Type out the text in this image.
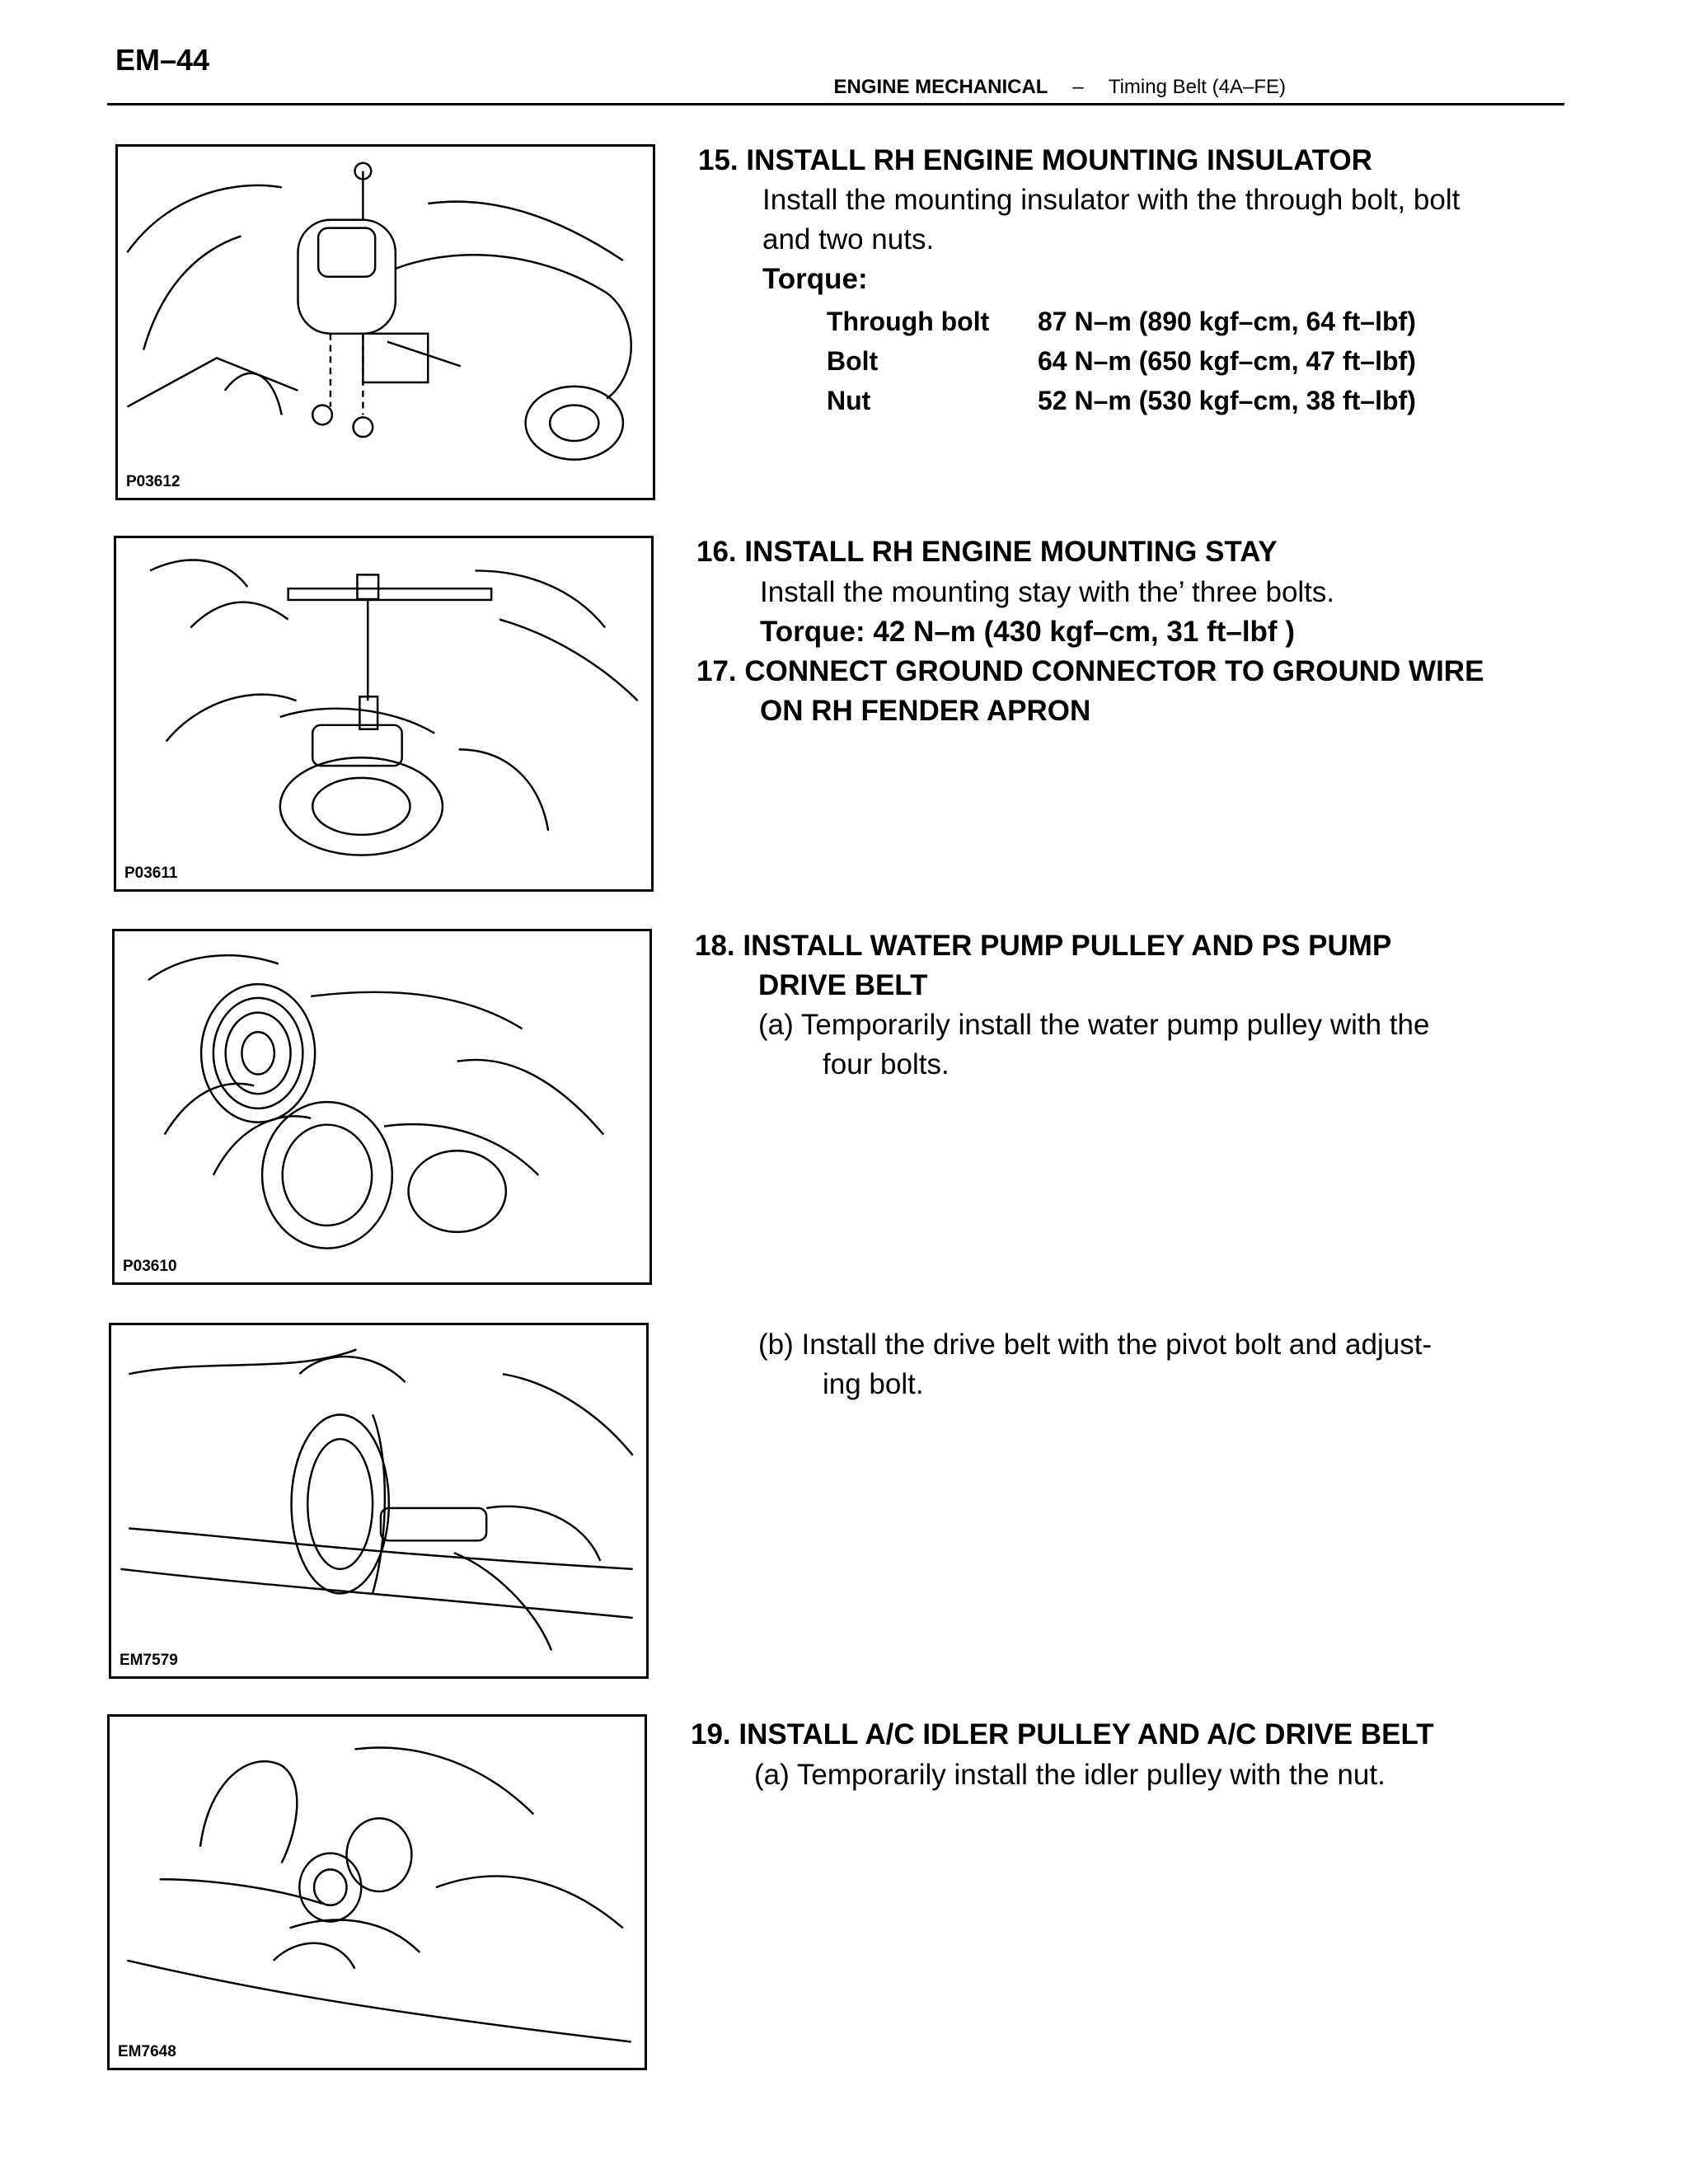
EM–44
ENGINE MECHANICAL – Timing Belt (4A–FE)
P03612
P03611
P03610
EM7579
EM7648
15. INSTALL RH ENGINE MOUNTING INSULATOR
Install the mounting insulator with the through bolt, bolt
and two nuts.
Torque:
Through bolt	87 N–m (890 kgf–cm, 64 ft–lbf)
Bolt	64 N–m (650 kgf–cm, 47 ft–lbf)
Nut	52 N–m (530 kgf–cm, 38 ft–lbf)
16. INSTALL RH ENGINE MOUNTING STAY
Install the mounting stay with the’ three bolts.
Torque: 42 N–m (430 kgf–cm, 31 ft–lbf )
17. CONNECT GROUND CONNECTOR TO GROUND WIRE
ON RH FENDER APRON
18. INSTALL WATER PUMP PULLEY AND PS PUMP
DRIVE BELT
(a) Temporarily install the water pump pulley with the
four bolts.
(b) Install the drive belt with the pivot bolt and adjust-
ing bolt.
19. INSTALL A/C IDLER PULLEY AND A/C DRIVE BELT
(a) Temporarily install the idler pulley with the nut.
